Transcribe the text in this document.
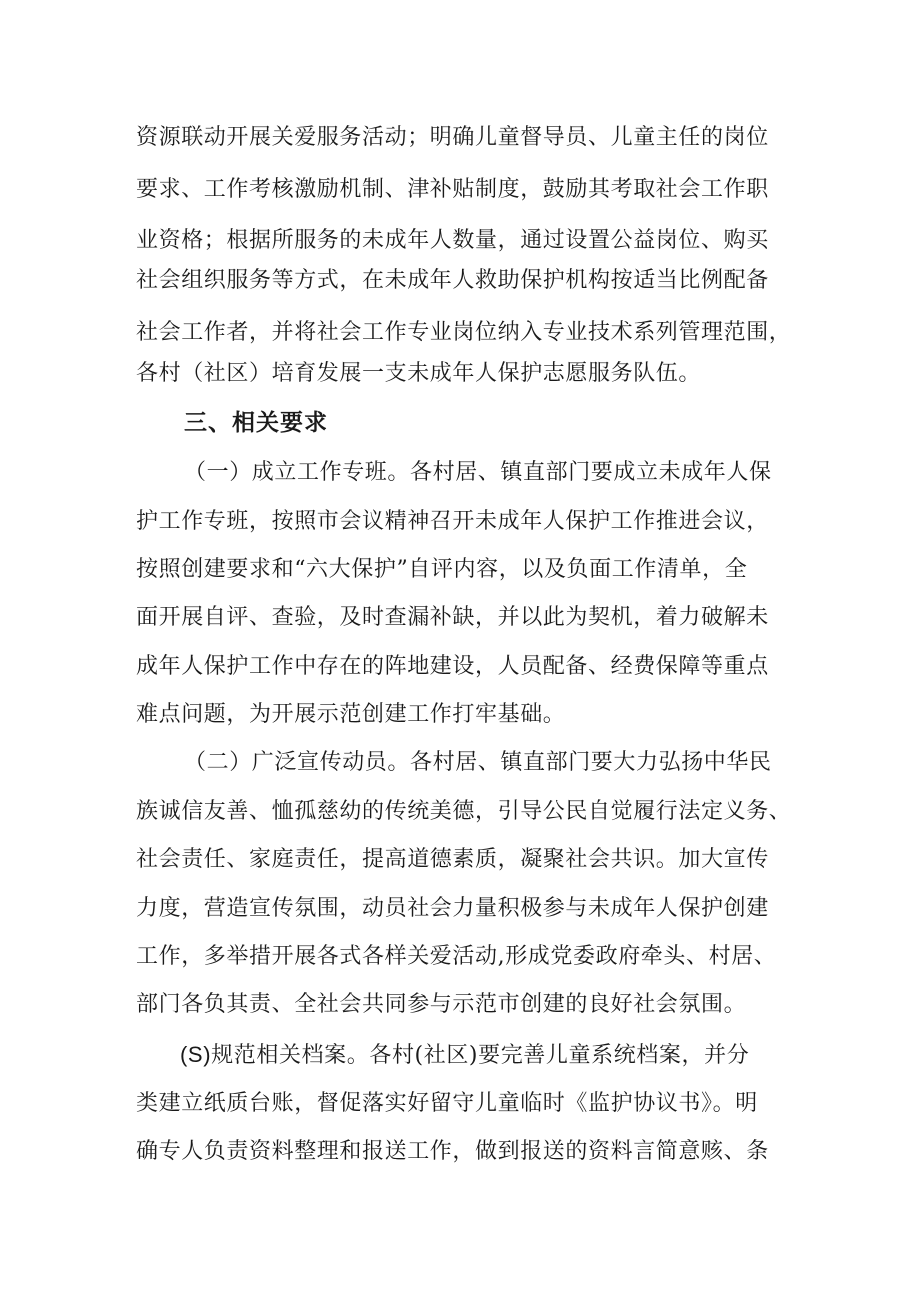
资源联动开展关爱服务活动；明确儿童督导员、儿童主任的岗位
要求、工作考核激励机制、津补贴制度，鼓励其考取社会工作职
业资格；根据所服务的未成年人数量，通过设置公益岗位、购买
社会组织服务等方式，在未成年人救助保护机构按适当比例配备
社会工作者，并将社会工作专业岗位纳入专业技术系列管理范围，
各村（社区）培育发展一支未成年人保护志愿服务队伍。
三、相关要求
（一）成立工作专班。各村居、镇直部门要成立未成年人保
护工作专班，按照市会议精神召开未成年人保护工作推进会议，
按照创建要求和“六大保护”自评内容，以及负面工作清单，全
面开展自评、查验，及时查漏补缺，并以此为契机，着力破解未
成年人保护工作中存在的阵地建设，人员配备、经费保障等重点
难点问题，为开展示范创建工作打牢基础。
（二）广泛宣传动员。各村居、镇直部门要大力弘扬中华民
族诚信友善、恤孤慈幼的传统美德，引导公民自觉履行法定义务、
社会责任、家庭责任，提高道德素质，凝聚社会共识。加大宣传
力度，营造宣传氛围，动员社会力量积极参与未成年人保护创建
工作，多举措开展各式各样关爱活动,形成党委政府牵头、村居、
部门各负其责、全社会共同参与示范市创建的良好社会氛围。
(S)规范相关档案。各村(社区)要完善儿童系统档案，并分
类建立纸质台账，督促落实好留守儿童临时《监护协议书》。明
确专人负责资料整理和报送工作，做到报送的资料言简意赅、条
